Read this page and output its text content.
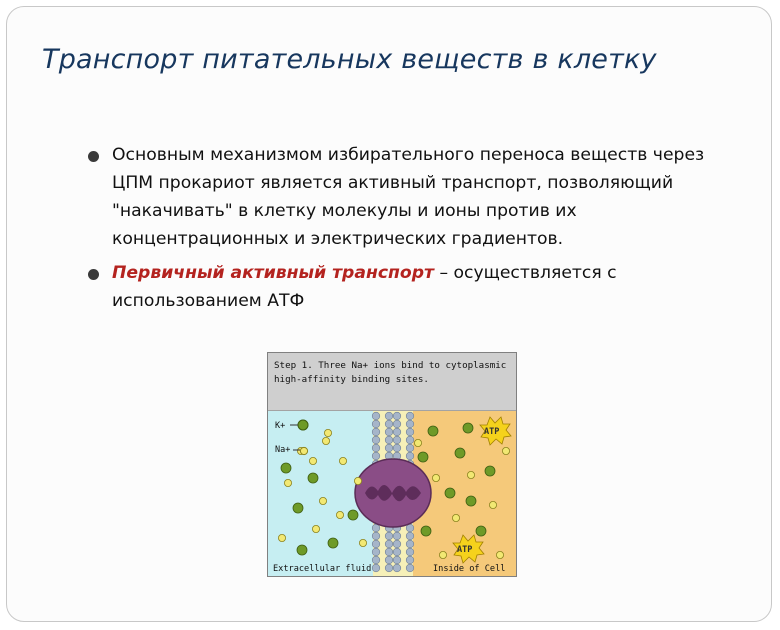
Транспорт питательных веществ в клетку
Основным механизмом избирательного переноса веществ через ЦПМ прокариот является активный транспорт, позволяющий "накачивать" в клетку молекулы и ионы против их концентрационных и электрических градиентов.
Первичный активный транспорт – осуществляется с использованием АТФ
Step 1. Three Na+ ions bind to cytoplasmic
high-affinity binding sites.
K+
Na+
ATP
ATP
Extracellular fluid	Inside of Cell
